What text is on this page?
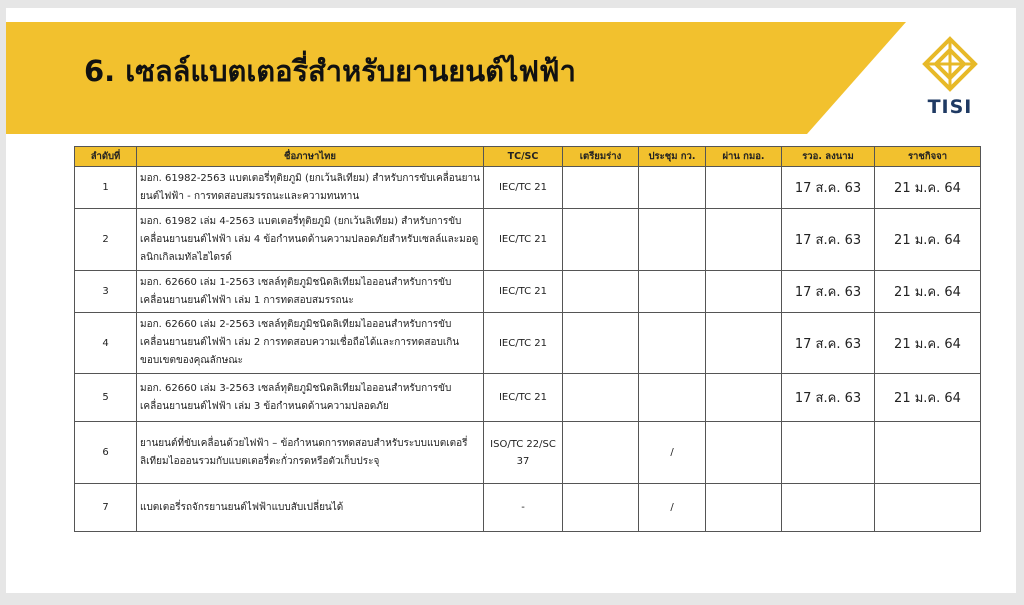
6. เซลล์แบตเตอรี่สำหรับยานยนต์ไฟฟ้า
TISI
ลำดับที่	ชื่อภาษาไทย	TC/SC	เตรียมร่าง	ประชุม กว.	ผ่าน กมอ.	รวอ. ลงนาม	ราชกิจจา
1	มอก. 61982-2563 แบตเตอรี่ทุติยภูมิ (ยกเว้นลิเทียม) สำหรับการขับเคลื่อนยานยนต์ไฟฟ้า - การทดสอบสมรรถนะและความทนทาน	IEC/TC 21				17 ส.ค. 63	21 ม.ค. 64
2	มอก. 61982 เล่ม 4-2563 แบตเตอรี่ทุติยภูมิ (ยกเว้นลิเทียม) สำหรับการขับเคลื่อนยานยนต์ไฟฟ้า เล่ม 4 ข้อกำหนดด้านความปลอดภัยสำหรับเซลล์และมอดูลนิกเกิลเมทัลไฮไดรด์	IEC/TC 21				17 ส.ค. 63	21 ม.ค. 64
3	มอก. 62660 เล่ม 1-2563 เซลล์ทุติยภูมิชนิดลิเทียมไอออนสำหรับการขับเคลื่อนยานยนต์ไฟฟ้า เล่ม 1 การทดสอบสมรรถนะ	IEC/TC 21				17 ส.ค. 63	21 ม.ค. 64
4	มอก. 62660 เล่ม 2-2563 เซลล์ทุติยภูมิชนิดลิเทียมไอออนสำหรับการขับเคลื่อนยานยนต์ไฟฟ้า เล่ม 2 การทดสอบความเชื่อถือได้และการทดสอบเกินขอบเขตของคุณลักษณะ	IEC/TC 21				17 ส.ค. 63	21 ม.ค. 64
5	มอก. 62660 เล่ม 3-2563 เซลล์ทุติยภูมิชนิดลิเทียมไอออนสำหรับการขับเคลื่อนยานยนต์ไฟฟ้า เล่ม 3 ข้อกำหนดด้านความปลอดภัย	IEC/TC 21				17 ส.ค. 63	21 ม.ค. 64
6	ยานยนต์ที่ขับเคลื่อนด้วยไฟฟ้า – ข้อกำหนดการทดสอบสำหรับระบบแบตเตอรี่ลิเทียมไอออนรวมกับแบตเตอรี่ตะกั่วกรดหรือตัวเก็บประจุ	ISO/TC 22/SC 37		/			
7	แบตเตอรี่รถจักรยานยนต์ไฟฟ้าแบบสับเปลี่ยนได้	-		/			
